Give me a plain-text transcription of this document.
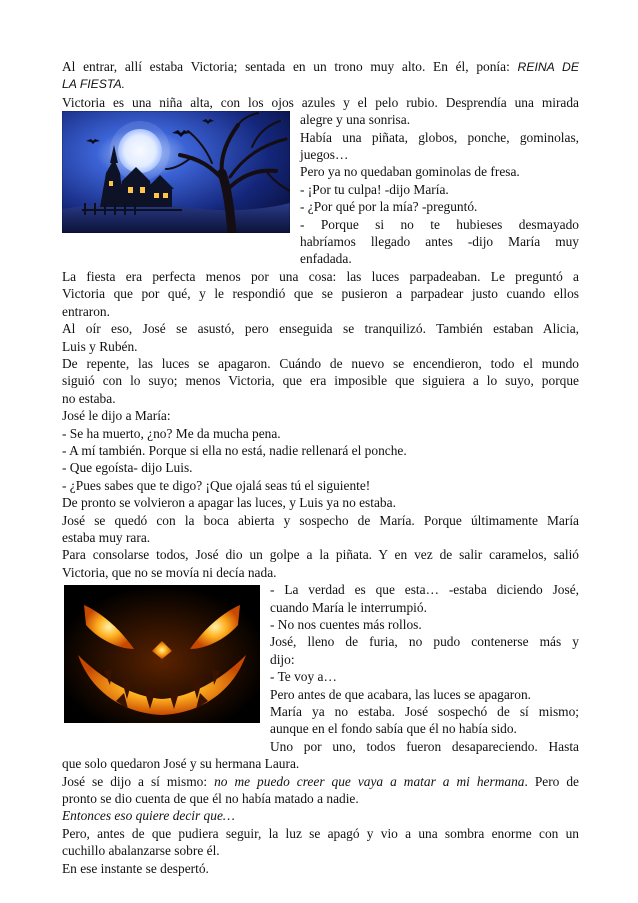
Al entrar, allí estaba Victoria; sentada en un trono muy alto. En él, ponía: REINA DE
LA FIESTA.
Victoria es una niña alta, con los ojos azules y el pelo rubio. Desprendía una mirada
alegre y una sonrisa.
Había una piñata, globos, ponche, gominolas,
juegos…
Pero ya no quedaban gominolas de fresa.
- ¡Por tu culpa! -dijo María.
- ¿Por qué por la mía? -preguntó.
- Porque si no te hubieses desmayado
habríamos llegado antes -dijo María muy
enfadada.
La fiesta era perfecta menos por una cosa: las luces parpadeaban. Le preguntó a
Victoria que por qué, y le respondió que se pusieron a parpadear justo cuando ellos
entraron.
Al oír eso, José se asustó, pero enseguida se tranquilizó. También estaban Alicia,
Luis y Rubén.
De repente, las luces se apagaron. Cuándo de nuevo se encendieron, todo el mundo
siguió con lo suyo; menos Victoria, que era imposible que siguiera a lo suyo, porque
no estaba.
José le dijo a María:
- Se ha muerto, ¿no? Me da mucha pena.
- A mí también. Porque si ella no está, nadie rellenará el ponche.
- Que egoísta- dijo Luis.
- ¿Pues sabes que te digo? ¡Que ojalá seas tú el siguiente!
De pronto se volvieron a apagar las luces, y Luis ya no estaba.
José se quedó con la boca abierta y sospecho de María. Porque últimamente María
estaba muy rara.
Para consolarse todos, José dio un golpe a la piñata. Y en vez de salir caramelos, salió
Victoria, que no se movía ni decía nada.
- La verdad es que esta… -estaba diciendo José,
cuando María le interrumpió.
- No nos cuentes más rollos.
José, lleno de furia, no pudo contenerse más y
dijo:
- Te voy a…
Pero antes de que acabara, las luces se apagaron.
María ya no estaba. José sospechó de sí mismo;
aunque en el fondo sabía que él no había sido.
Uno por uno, todos fueron desapareciendo. Hasta
que solo quedaron José y su hermana Laura.
José se dijo a sí mismo: no me puedo creer que vaya a matar a mi hermana. Pero de
pronto se dio cuenta de que él no había matado a nadie.
Entonces eso quiere decir que…
Pero, antes de que pudiera seguir, la luz se apagó y vio a una sombra enorme con un
cuchillo abalanzarse sobre él.
En ese instante se despertó.
